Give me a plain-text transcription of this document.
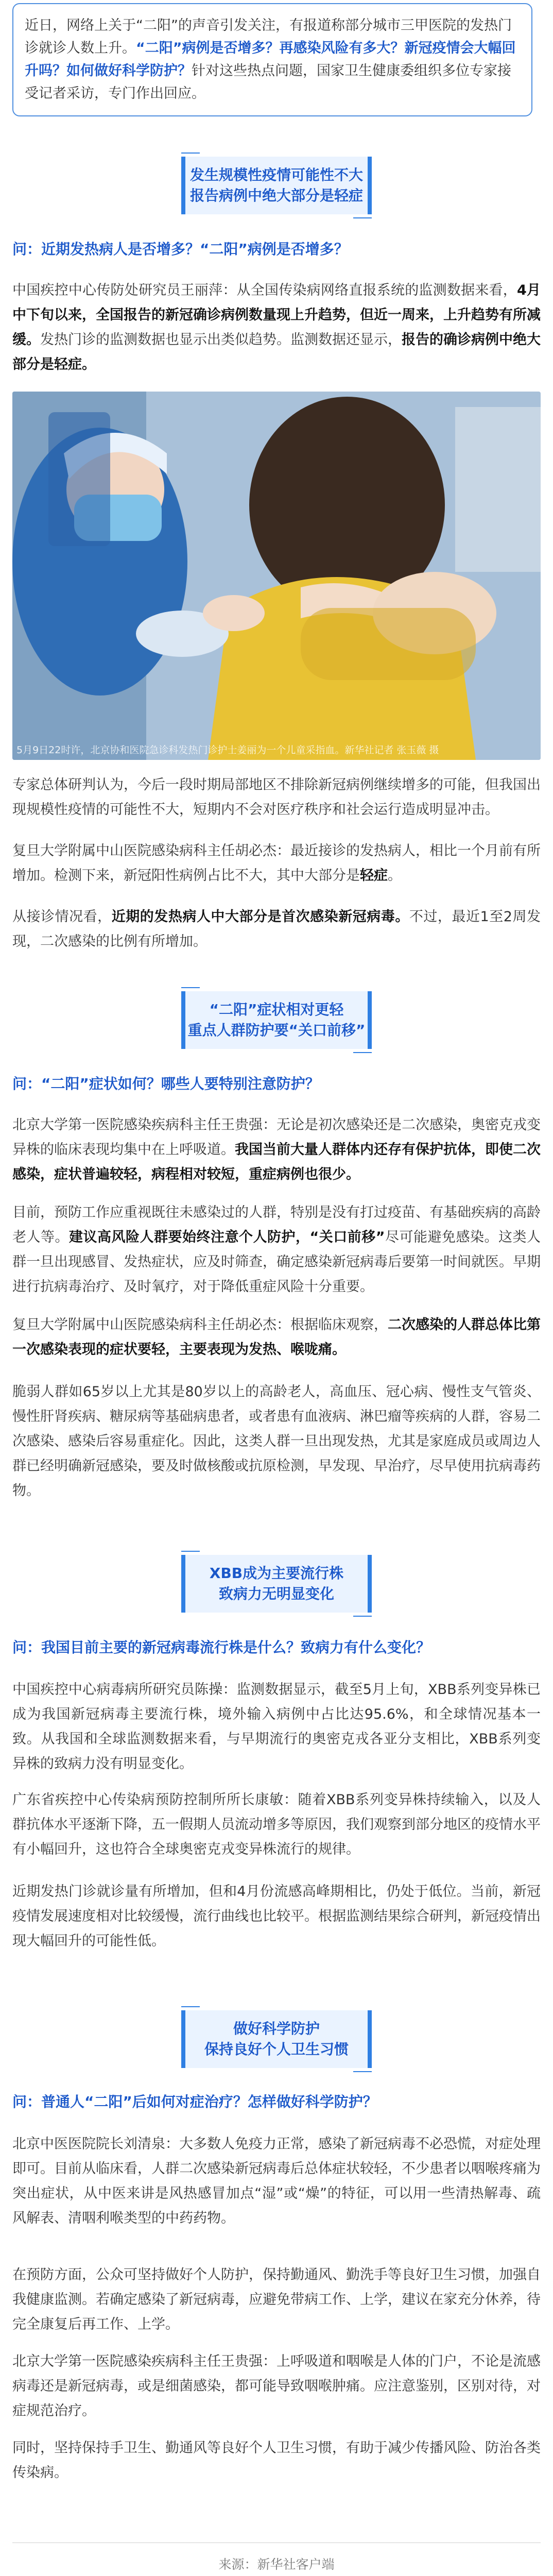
近日，网络上关于“二阳”的声音引发关注，有报道称部分城市三甲医院的发热门诊就诊人数上升。“二阳”病例是否增多？再感染风险有多大？新冠疫情会大幅回升吗？如何做好科学防护？针对这些热点问题，国家卫生健康委组织多位专家接受记者采访，专门作出回应。
发生规模性疫情可能性不大
报告病例中绝大部分是轻症
问：近期发热病人是否增多？“二阳”病例是否增多？
中国疾控中心传防处研究员王丽萍：从全国传染病网络直报系统的监测数据来看，4月中下旬以来，全国报告的新冠确诊病例数量现上升趋势，但近一周来，上升趋势有所减缓。发热门诊的监测数据也显示出类似趋势。监测数据还显示，报告的确诊病例中绝大部分是轻症。
5月9日22时许，北京协和医院急诊科发热门诊护士姜丽为一个儿童采指血。新华社记者 张玉薇 摄
专家总体研判认为，今后一段时期局部地区不排除新冠病例继续增多的可能，但我国出现规模性疫情的可能性不大，短期内不会对医疗秩序和社会运行造成明显冲击。
复旦大学附属中山医院感染病科主任胡必杰：最近接诊的发热病人，相比一个月前有所增加。检测下来，新冠阳性病例占比不大，其中大部分是轻症。
从接诊情况看，近期的发热病人中大部分是首次感染新冠病毒。不过，最近1至2周发现，二次感染的比例有所增加。
“二阳”症状相对更轻
重点人群防护要“关口前移”
问：“二阳”症状如何？哪些人要特别注意防护？
北京大学第一医院感染疾病科主任王贵强：无论是初次感染还是二次感染，奥密克戎变异株的临床表现均集中在上呼吸道。我国当前大量人群体内还存有保护抗体，即使二次感染，症状普遍较轻，病程相对较短，重症病例也很少。
目前，预防工作应重视既往未感染过的人群，特别是没有打过疫苗、有基础疾病的高龄老人等。建议高风险人群要始终注意个人防护，“关口前移”尽可能避免感染。这类人群一旦出现感冒、发热症状，应及时筛查，确定感染新冠病毒后要第一时间就医。早期进行抗病毒治疗、及时氧疗，对于降低重症风险十分重要。
复旦大学附属中山医院感染病科主任胡必杰：根据临床观察，二次感染的人群总体比第一次感染表现的症状要轻，主要表现为发热、喉咙痛。
脆弱人群如65岁以上尤其是80岁以上的高龄老人，高血压、冠心病、慢性支气管炎、慢性肝肾疾病、糖尿病等基础病患者，或者患有血液病、淋巴瘤等疾病的人群，容易二次感染、感染后容易重症化。因此，这类人群一旦出现发热，尤其是家庭成员或周边人群已经明确新冠感染，要及时做核酸或抗原检测，早发现、早治疗，尽早使用抗病毒药物。
XBB成为主要流行株
致病力无明显变化
问：我国目前主要的新冠病毒流行株是什么？致病力有什么变化？
中国疾控中心病毒病所研究员陈操：监测数据显示，截至5月上旬，XBB系列变异株已成为我国新冠病毒主要流行株，境外输入病例中占比达95.6%，和全球情况基本一致。从我国和全球监测数据来看，与早期流行的奥密克戎各亚分支相比，XBB系列变异株的致病力没有明显变化。
广东省疾控中心传染病预防控制所所长康敏：随着XBB系列变异株持续输入，以及人群抗体水平逐渐下降，五一假期人员流动增多等原因，我们观察到部分地区的疫情水平有小幅回升，这也符合全球奥密克戎变异株流行的规律。
近期发热门诊就诊量有所增加，但和4月份流感高峰期相比，仍处于低位。当前，新冠疫情发展速度相对比较缓慢，流行曲线也比较平。根据监测结果综合研判，新冠疫情出现大幅回升的可能性低。
做好科学防护
保持良好个人卫生习惯
问：普通人“二阳”后如何对症治疗？怎样做好科学防护？
北京中医医院院长刘清泉：大多数人免疫力正常，感染了新冠病毒不必恐慌，对症处理即可。目前从临床看，人群二次感染新冠病毒后总体症状较轻，不少患者以咽喉疼痛为突出症状，从中医来讲是风热感冒加点“湿”或“燥”的特征，可以用一些清热解毒、疏风解表、清咽利喉类型的中药药物。
在预防方面，公众可坚持做好个人防护，保持勤通风、勤洗手等良好卫生习惯，加强自我健康监测。若确定感染了新冠病毒，应避免带病工作、上学，建议在家充分休养，待完全康复后再工作、上学。
北京大学第一医院感染疾病科主任王贵强：上呼吸道和咽喉是人体的门户，不论是流感病毒还是新冠病毒，或是细菌感染，都可能导致咽喉肿痛。应注意鉴别，区别对待，对症规范治疗。
同时，坚持保持手卫生、勤通风等良好个人卫生习惯，有助于减少传播风险、防治各类传染病。
来源：新华社客户端
